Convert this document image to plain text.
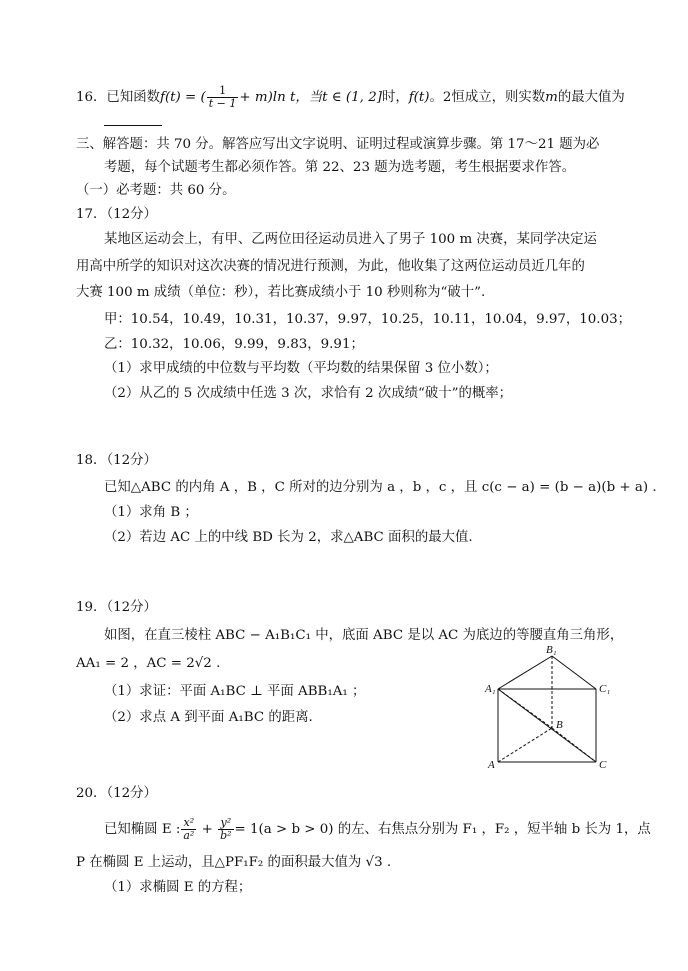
16．已知函数f(t) = ( $\frac{1}{t - 1} + m)\ln$ t，当t ∈ (1, 2]时，f(t)。2恒成立，则实数m的最大值为
三、解答题：共 70 分。解答应写出文字说明、证明过程或演算步骤。第 17～21 题为必
考题，每个试题考生都必须作答。第 22、23 题为选考题，考生根据要求作答。
（一）必考题：共 60 分。
17．（12分）
某地区运动会上，有甲、乙两位田径运动员进入了男子 100 m 决赛，某同学决定运
用高中所学的知识对这次决赛的情况进行预测，为此，他收集了这两位运动员近几年的
大赛 100 m 成绩（单位：秒），若比赛成绩小于 10 秒则称为“破十”.
甲：10.54，10.49，10.31，10.37，9.97，10.25，10.11，10.04，9.97，10.03；
乙：10.32，10.06，9.99，9.83，9.91；
（1）求甲成绩的中位数与平均数（平均数的结果保留 3 位小数）；
（2）从乙的 5 次成绩中任选 3 次，求恰有 2 次成绩“破十”的概率；
18．（12分）
已知△ABC 的内角 A ，B ，C 所对的边分别为 a ，b ，c ，且 c(c − a) = (b − a)(b + a) .
（1）求角 B ；
（2）若边 AC 上的中线 BD 长为 2，求△ABC 面积的最大值.
19．（12分）
如图，在直三棱柱 ABC − A₁B₁C₁ 中，底面 ABC 是以 AC 为底边的等腰直角三角形，
AA₁ = 2 ，AC = 2√2 .
（1）求证：平面 A₁BC ⊥ 平面 ABB₁A₁ ；
（2）求点 A 到平面 A₁BC 的距离.
B₁
A₁	C₁
B
A	C
20．（12分）
已知椭圆 E : $\frac{\text{x²}}{\text{a²}} + \frac{\text{y²}}{\text{b²}} = 1(a > b > 0)$ 的左、右焦点分别为 F₁ ，F₂ ，短半轴 b 长为 1，点
P 在椭圆 E 上运动，且△PF₁F₂ 的面积最大值为 √3 .
（1）求椭圆 E 的方程；
